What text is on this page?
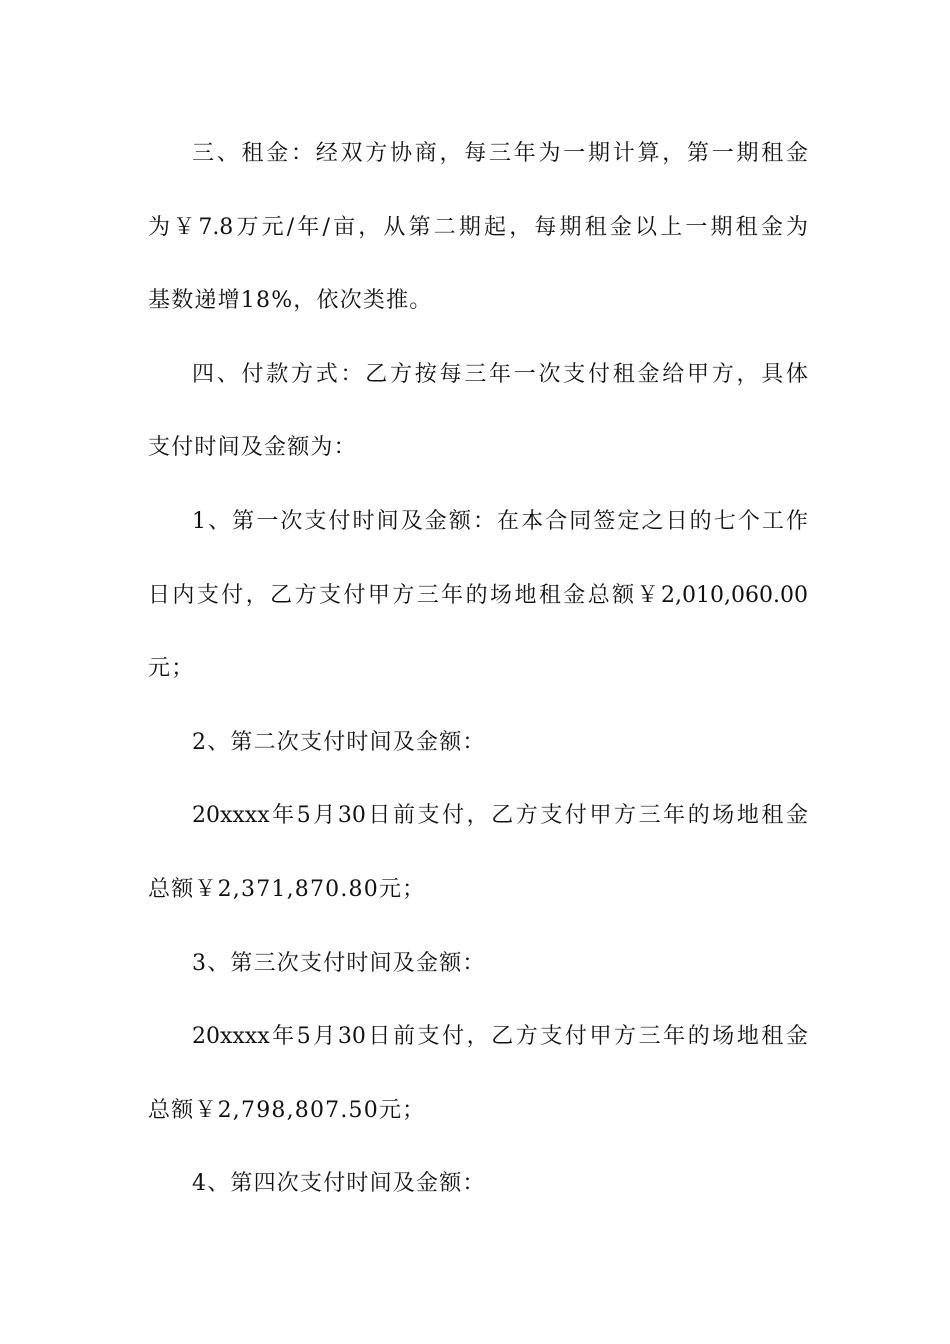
三、租金：经双方协商，每三年为一期计算，第一期租金
为￥7.8万元/年/亩，从第二期起，每期租金以上一期租金为
基数递增18%，依次类推。
四、付款方式：乙方按每三年一次支付租金给甲方，具体
支付时间及金额为：
1、第一次支付时间及金额：在本合同签定之日的七个工作
日内支付，乙方支付甲方三年的场地租金总额￥2,010,060.00
元；
2、第二次支付时间及金额：
20xxxx年5月30日前支付，乙方支付甲方三年的场地租金
总额￥2,371,870.80元；
3、第三次支付时间及金额：
20xxxx年5月30日前支付，乙方支付甲方三年的场地租金
总额￥2,798,807.50元；
4、第四次支付时间及金额：
